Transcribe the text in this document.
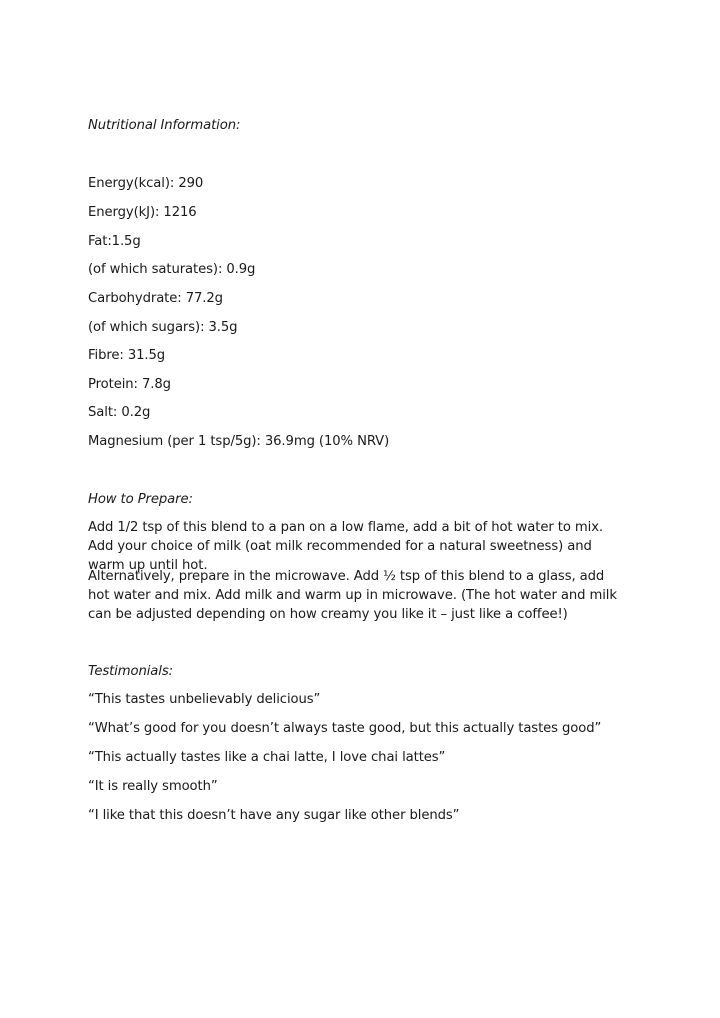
Nutritional Information:

Energy(kcal): 290

Energy(kJ): 1216

Fat:1.5g

(of which saturates): 0.9g

Carbohydrate: 77.2g

(of which sugars): 3.5g

Fibre: 31.5g

Protein: 7.8g

Salt: 0.2g

Magnesium (per 1 tsp/5g): 36.9mg (10% NRV)

How to Prepare:

Add 1/2 tsp of this blend to a pan on a low flame, add a bit of hot water to mix. Add your choice of milk (oat milk recommended for a natural sweetness) and warm up until hot.

Alternatively, prepare in the microwave. Add ½ tsp of this blend to a glass, add hot water and mix. Add milk and warm up in microwave. (The hot water and milk can be adjusted depending on how creamy you like it – just like a coffee!)

Testimonials:

“This tastes unbelievably delicious”

“What’s good for you doesn’t always taste good, but this actually tastes good”

“This actually tastes like a chai latte, I love chai lattes”

“It is really smooth”

“I like that this doesn’t have any sugar like other blends”
